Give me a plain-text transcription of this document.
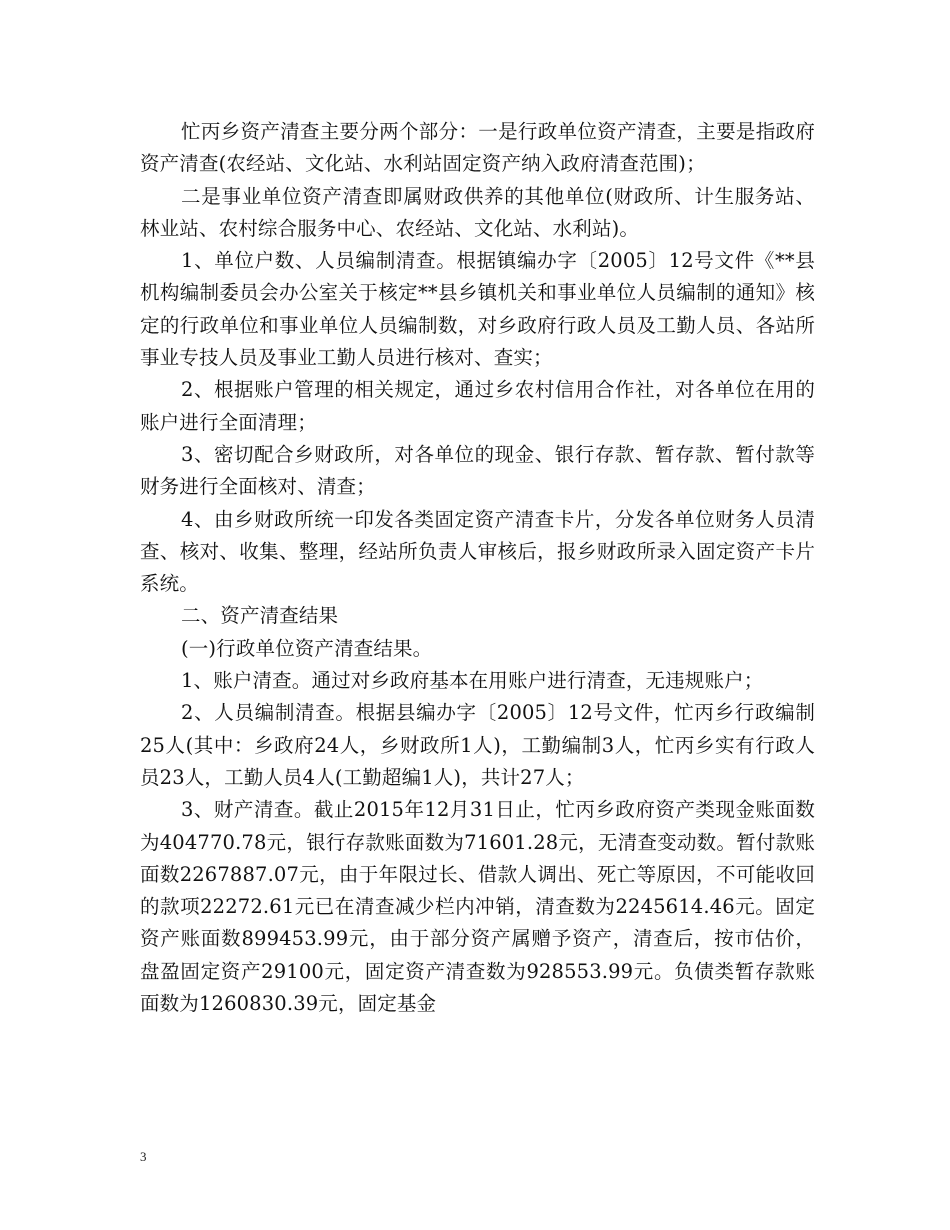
忙丙乡资产清查主要分两个部分：一是行政单位资产清查，主要是指政府资产清查(农经站、文化站、水利站固定资产纳入政府清查范围)；

二是事业单位资产清查即属财政供养的其他单位(财政所、计生服务站、林业站、农村综合服务中心、农经站、文化站、水利站)。

1、单位户数、人员编制清查。根据镇编办字〔2005〕12号文件《**县机构编制委员会办公室关于核定**县乡镇机关和事业单位人员编制的通知》核定的行政单位和事业单位人员编制数，对乡政府行政人员及工勤人员、各站所事业专技人员及事业工勤人员进行核对、查实；

2、根据账户管理的相关规定，通过乡农村信用合作社，对各单位在用的账户进行全面清理；

3、密切配合乡财政所，对各单位的现金、银行存款、暂存款、暂付款等财务进行全面核对、清查；

4、由乡财政所统一印发各类固定资产清查卡片，分发各单位财务人员清查、核对、收集、整理，经站所负责人审核后，报乡财政所录入固定资产卡片系统。

二、资产清查结果

(一)行政单位资产清查结果。

1、账户清查。通过对乡政府基本在用账户进行清查，无违规账户；

2、人员编制清查。根据县编办字〔2005〕12号文件，忙丙乡行政编制25人(其中：乡政府24人，乡财政所1人)，工勤编制3人，忙丙乡实有行政人员23人，工勤人员4人(工勤超编1人)，共计27人；

3、财产清查。截止2015年12月31日止，忙丙乡政府资产类现金账面数为404770.78元，银行存款账面数为71601.28元，无清查变动数。暂付款账面数2267887.07元，由于年限过长、借款人调出、死亡等原因，不可能收回的款项22272.61元已在清查减少栏内冲销，清查数为2245614.46元。固定资产账面数899453.99元，由于部分资产属赠予资产，清查后，按市估价，盘盈固定资产29100元，固定资产清查数为928553.99元。负债类暂存款账面数为1260830.39元，固定基金

3
